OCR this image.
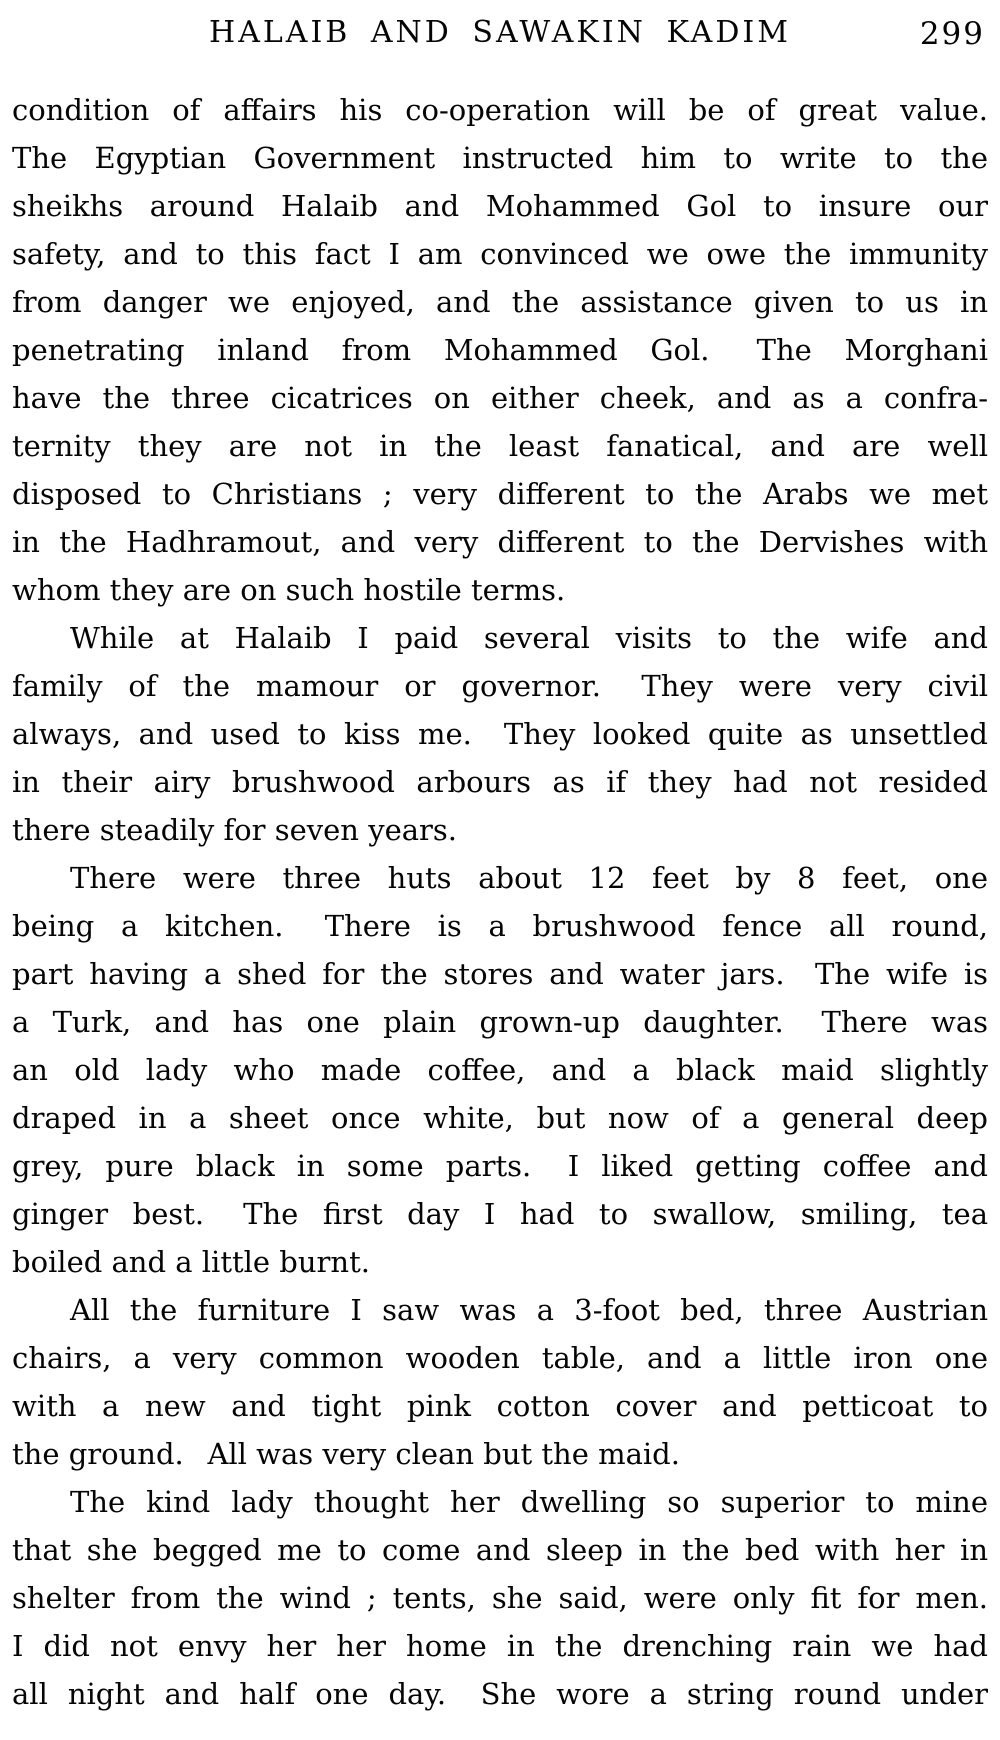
HALAIB AND SAWAKIN KADIM	299
condition of affairs his co-operation will be of great value.
The Egyptian Government instructed him to write to the
sheikhs around Halaib and Mohammed Gol to insure our
safety, and to this fact I am convinced we owe the immunity
from danger we enjoyed, and the assistance given to us in
penetrating inland from Mohammed Gol.  The Morghani
have the three cicatrices on either cheek, and as a confra-
ternity they are not in the least fanatical, and are well
disposed to Christians ; very different to the Arabs we met
in the Hadhramout, and very different to the Dervishes with
whom they are on such hostile terms.
While at Halaib I paid several visits to the wife and
family of the mamour or governor.  They were very civil
always, and used to kiss me.  They looked quite as unsettled
in their airy brushwood arbours as if they had not resided
there steadily for seven years.
There were three huts about 12 feet by 8 feet, one
being a kitchen.  There is a brushwood fence all round,
part having a shed for the stores and water jars.  The wife is
a Turk, and has one plain grown-up daughter.  There was
an old lady who made coffee, and a black maid slightly
draped in a sheet once white, but now of a general deep
grey, pure black in some parts.  I liked getting coffee and
ginger best.  The first day I had to swallow, smiling, tea
boiled and a little burnt.
All the furniture I saw was a 3-foot bed, three Austrian
chairs, a very common wooden table, and a little iron one
with a new and tight pink cotton cover and petticoat to
the ground.  All was very clean but the maid.
The kind lady thought her dwelling so superior to mine
that she begged me to come and sleep in the bed with her in
shelter from the wind ; tents, she said, were only fit for men.
I did not envy her her home in the drenching rain we had
all night and half one day.  She wore a string round under
